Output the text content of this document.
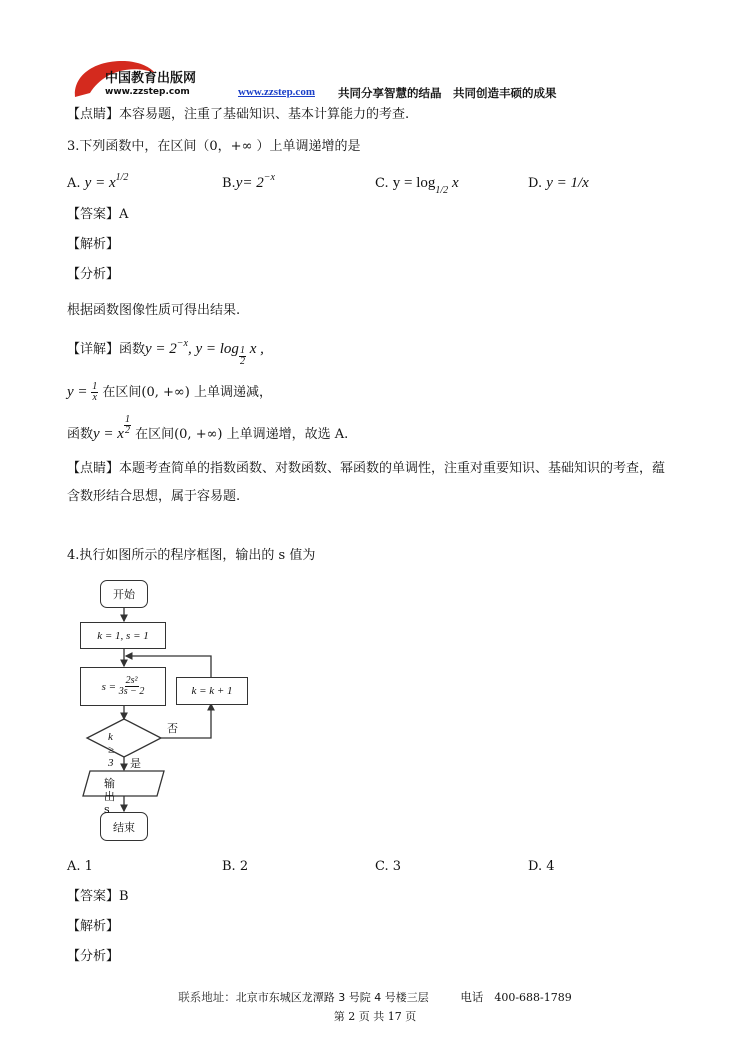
中国教育出版网
www.zzstep.com	www.zzstep.com 共同分享智慧的结晶　共同创造丰硕的成果
【点睛】本容易题，注重了基础知识、基本计算能力的考查.
3.下列函数中，在区间（0，+∞ ）上单调递增的是
A. $y = x^{1/2}$	$B.y= 2^{-x}$	C. $y = \log_{1/2} x$	D. y = 1/x
【答案】A
【解析】
【分析】
根据函数图像性质可得出结果.
【详解】函数$y = 2^{-x}$, $y = \log \frac{1}{2}$ x ,
$y = \frac{1}{x}$ 在区间(0, +∞) 上单调递减，
函数y = x $\frac{1}{2}$ 在区间(0, +∞) 上单调递增，故选 A.
【点睛】本题考查简单的指数函数、对数函数、幂函数的单调性，注重对重要知识、基础知识的考查，蕴
含数形结合思想，属于容易题.
4.执行如图所示的程序框图，输出的 s 值为
开始
k = 1, s = 1
s =
$\frac{\text{2s²}}{3s - 2}$	k = k + 1
k ≥ 3
否
是
输出 s
结束
A. 1	B. 2	C. 3	D. 4
【答案】B
【解析】
【分析】
联系地址：北京市东城区龙潭路 3 号院 4 号楼三层	电话 400-688-1789
第 2 页 共 17 页
